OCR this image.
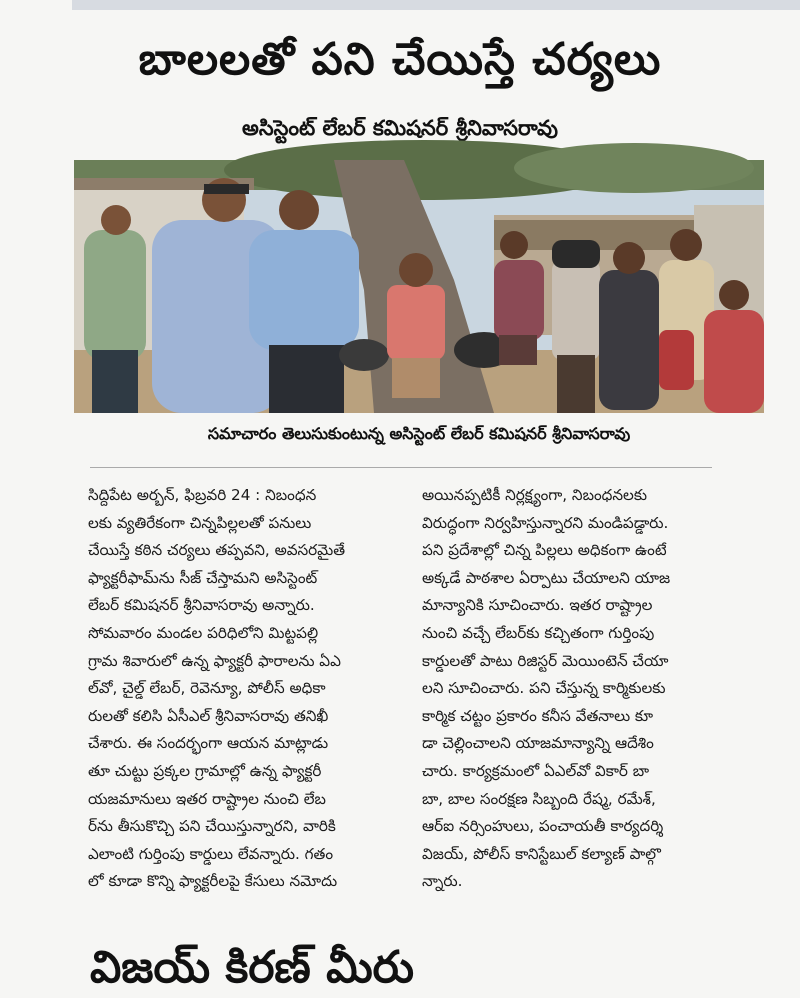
బాలలతో పని చేయిస్తే చర్యలు
అసిస్టెంట్ లేబర్ కమిషనర్ శ్రీనివాసరావు
సమాచారం తెలుసుకుంటున్న అసిస్టెంట్ లేబర్ కమిషనర్ శ్రీనివాసరావు
సిద్దిపేట అర్బన్, ఫిబ్రవరి 24 : నిబంధన
లకు వ్యతిరేకంగా చిన్నపిల్లలతో పనులు
చేయిస్తే కఠిన చర్యలు తప్పవని, అవసరమైతే
ఫ్యాక్టరీఫామ్‌ను సీజ్ చేస్తామని అసిస్టెంట్
లేబర్ కమిషనర్ శ్రీనివాసరావు అన్నారు.
సోమవారం మండల పరిధిలోని మిట్టపల్లి
గ్రామ శివారులో ఉన్న ఫ్యాక్టరీ ఫారాలను ఏఎ
ల్‌వో, చైల్డ్ లేబర్, రెవెన్యూ, పోలీస్ అధికా
రులతో కలిసి ఏసీఎల్ శ్రీనివాసరావు తనిఖీ
చేశారు. ఈ సందర్భంగా ఆయన మాట్లాడు
తూ చుట్టు ప్రక్కల గ్రామాల్లో ఉన్న ఫ్యాక్టరీ
యజమానులు ఇతర రాష్ట్రాల నుంచి లేబ
ర్‌ను తీసుకొచ్చి పని చేయిస్తున్నారని, వారికి
ఎలాంటి గుర్తింపు కార్డులు లేవన్నారు. గతం
లో కూడా కొన్ని ఫ్యాక్టరీలపై కేసులు నమోదు
అయినప్పటికీ నిర్లక్ష్యంగా, నిబంధనలకు
విరుద్ధంగా నిర్వహిస్తున్నారని మండిపడ్డారు.
పని ప్రదేశాల్లో చిన్న పిల్లలు అధికంగా ఉంటే
అక్కడే పాఠశాల ఏర్పాటు చేయాలని యాజ
మాన్యానికి సూచించారు. ఇతర రాష్ట్రాల
నుంచి వచ్చే లేబర్‌కు కచ్చితంగా గుర్తింపు
కార్డులతో పాటు రిజిస్టర్ మెయింటెన్ చేయా
లని సూచించారు. పని చేస్తున్న కార్మికులకు
కార్మిక చట్టం ప్రకారం కనీస వేతనాలు కూ
డా చెల్లించాలని యాజమాన్యాన్ని ఆదేశిం
చారు. కార్యక్రమంలో ఏఎల్‌వో వికార్ బా
బా, బాల సంరక్షణ సిబ్బంది రేష్మ, రమేశ్,
ఆర్‌ఐ నర్సింహులు, పంచాయతీ కార్యదర్శి
విజయ్, పోలీస్ కానిస్టేబుల్ కల్యాణ్ పాల్గొ
న్నారు.
విజయ్ కిరణ్ మీరు
